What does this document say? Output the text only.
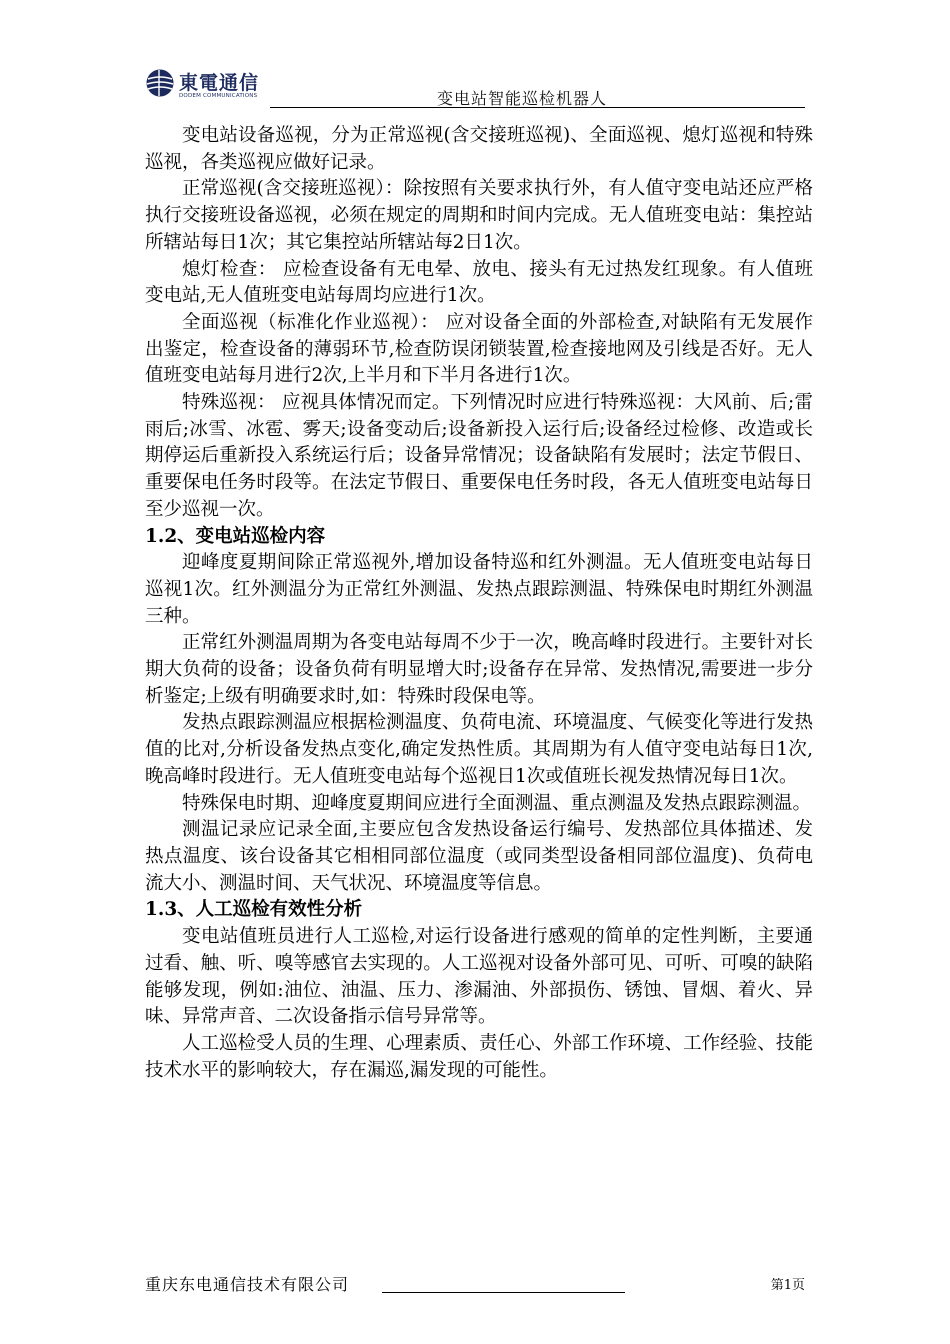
東電通信
DODEM COMMUNICATIONS	变电站智能巡检机器人

变电站设备巡视，分为正常巡视(含交接班巡视)、全面巡视、熄灯巡视和特殊巡视，各类巡视应做好记录。

正常巡视(含交接班巡视）：除按照有关要求执行外，有人值守变电站还应严格执行交接班设备巡视，必须在规定的周期和时间内完成。无人值班变电站：集控站所辖站每日1次；其它集控站所辖站每2日1次。

熄灯检查： 应检查设备有无电晕、放电、接头有无过热发红现象。有人值班变电站,无人值班变电站每周均应进行1次。

全面巡视（标准化作业巡视）： 应对设备全面的外部检查,对缺陷有无发展作出鉴定，检查设备的薄弱环节,检查防误闭锁装置,检查接地网及引线是否好。无人值班变电站每月进行2次,上半月和下半月各进行1次。

特殊巡视： 应视具体情况而定。下列情况时应进行特殊巡视：大风前、后;雷雨后;冰雪、冰雹、雾天;设备变动后;设备新投入运行后;设备经过检修、改造或长期停运后重新投入系统运行后；设备异常情况；设备缺陷有发展时；法定节假日、重要保电任务时段等。在法定节假日、重要保电任务时段，各无人值班变电站每日至少巡视一次。

1.2、变电站巡检内容

迎峰度夏期间除正常巡视外,增加设备特巡和红外测温。无人值班变电站每日巡视1次。红外测温分为正常红外测温、发热点跟踪测温、特殊保电时期红外测温三种。

正常红外测温周期为各变电站每周不少于一次，晚高峰时段进行。主要针对长期大负荷的设备；设备负荷有明显增大时;设备存在异常、发热情况,需要进一步分析鉴定;上级有明确要求时,如：特殊时段保电等。

发热点跟踪测温应根据检测温度、负荷电流、环境温度、气候变化等进行发热值的比对,分析设备发热点变化,确定发热性质。其周期为有人值守变电站每日1次,晚高峰时段进行。无人值班变电站每个巡视日1次或值班长视发热情况每日1次。

特殊保电时期、迎峰度夏期间应进行全面测温、重点测温及发热点跟踪测温。

测温记录应记录全面,主要应包含发热设备运行编号、发热部位具体描述、发热点温度、该台设备其它相相同部位温度（或同类型设备相同部位温度)、负荷电流大小、测温时间、天气状况、环境温度等信息。

1.3、人工巡检有效性分析

变电站值班员进行人工巡检,对运行设备进行感观的简单的定性判断，主要通过看、触、听、嗅等感官去实现的。人工巡视对设备外部可见、可听、可嗅的缺陷能够发现，例如:油位、油温、压力、渗漏油、外部损伤、锈蚀、冒烟、着火、异味、异常声音、二次设备指示信号异常等。

人工巡检受人员的生理、心理素质、责任心、外部工作环境、工作经验、技能技术水平的影响较大，存在漏巡,漏发现的可能性。

重庆东电通信技术有限公司	第1页
